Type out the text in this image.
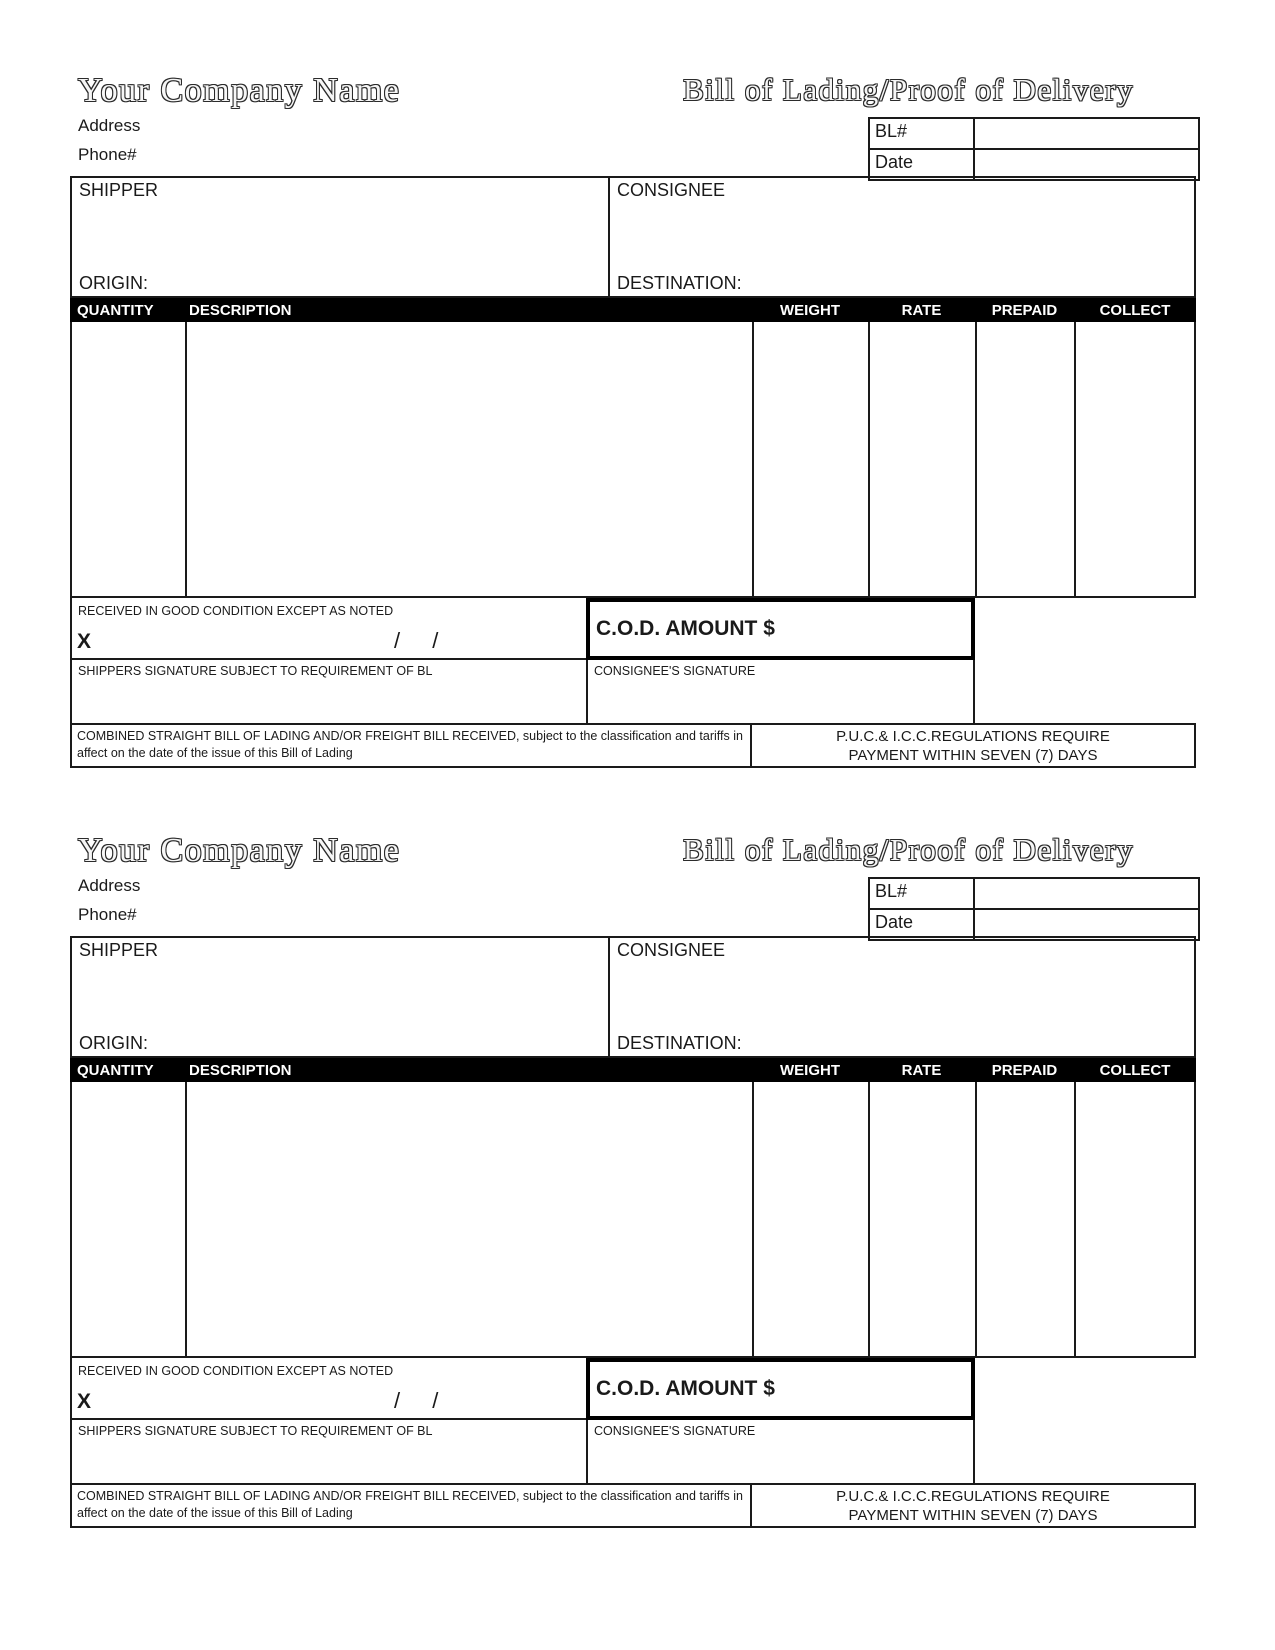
Your Company Name	Bill of Lading/Proof of Delivery
Address
Phone#
BL#
Date
SHIPPER
ORIGIN:
CONSIGNEE
DESTINATION:
QUANTITY	DESCRIPTION	WEIGHT	RATE	PREPAID	COLLECT
RECEIVED IN GOOD CONDITION EXCEPT AS NOTED
X	/ /	C.O.D. AMOUNT $
SHIPPERS SIGNATURE SUBJECT TO REQUIREMENT OF BL	CONSIGNEE'S SIGNATURE
COMBINED STRAIGHT BILL OF LADING AND/OR FREIGHT BILL RECEIVED, subject to the classification and tariffs in
affect on the date of the issue of this Bill of Lading
P.U.C.& I.C.C.REGULATIONS REQUIRE
PAYMENT WITHIN SEVEN (7) DAYS
Your Company Name	Bill of Lading/Proof of Delivery
Address
Phone#
BL#
Date
SHIPPER
ORIGIN:
CONSIGNEE
DESTINATION:
QUANTITY	DESCRIPTION	WEIGHT	RATE	PREPAID	COLLECT
RECEIVED IN GOOD CONDITION EXCEPT AS NOTED
X	/ /	C.O.D. AMOUNT $
SHIPPERS SIGNATURE SUBJECT TO REQUIREMENT OF BL	CONSIGNEE'S SIGNATURE
COMBINED STRAIGHT BILL OF LADING AND/OR FREIGHT BILL RECEIVED, subject to the classification and tariffs in
affect on the date of the issue of this Bill of Lading
P.U.C.& I.C.C.REGULATIONS REQUIRE
PAYMENT WITHIN SEVEN (7) DAYS
